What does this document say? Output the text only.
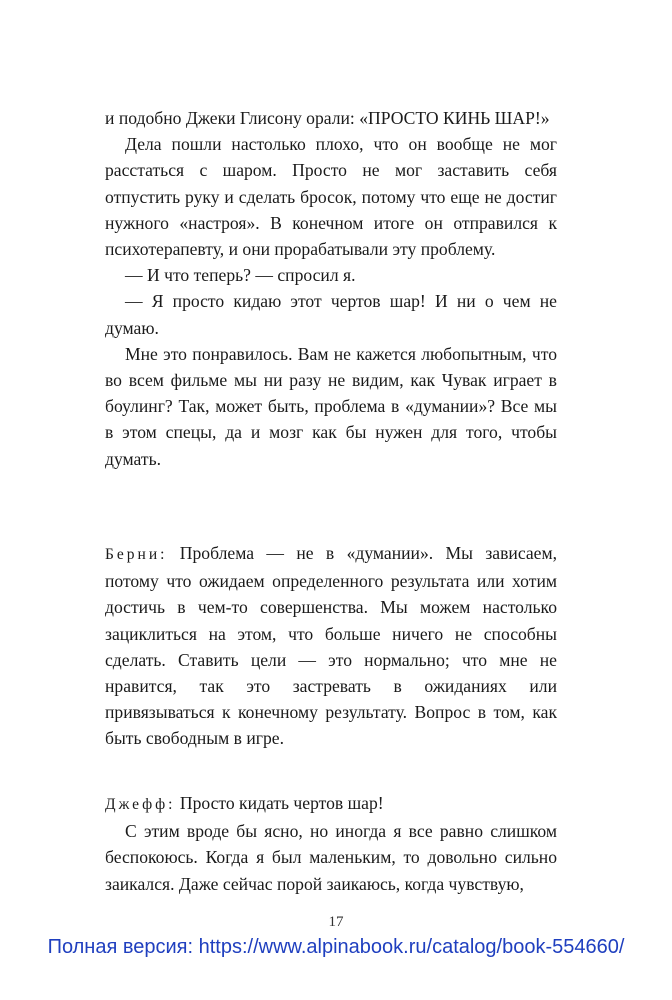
и подобно Джеки Глисону орали: «ПРОСТО КИНЬ ШАР!»

Дела пошли настолько плохо, что он вообще не мог расстаться с шаром. Просто не мог заставить себя отпустить руку и сделать бросок, потому что еще не достиг нужного «настроя». В конечном итоге он отправился к психотерапевту, и они прорабатывали эту проблему.

— И что теперь? — спросил я.

— Я просто кидаю этот чертов шар! И ни о чем не думаю.

Мне это понравилось. Вам не кажется любопытным, что во всем фильме мы ни разу не видим, как Чувак играет в боулинг? Так, может быть, проблема в «думании»? Все мы в этом спецы, да и мозг как бы нужен для того, чтобы думать.

Берни: Проблема — не в «думании». Мы зависаем, потому что ожидаем определенного результата или хотим достичь в чем-то совершенства. Мы можем настолько зациклиться на этом, что больше ничего не способны сделать. Ставить цели — это нормально; что мне не нравится, так это застревать в ожиданиях или привязываться к конечному результату. Вопрос в том, как быть свободным в игре.

Джефф: Просто кидать чертов шар!

С этим вроде бы ясно, но иногда я все равно слишком беспокоюсь. Когда я был маленьким, то довольно сильно заикался. Даже сейчас порой заикаюсь, когда чувствую,

17
Полная версия: https://www.alpinabook.ru/catalog/book-554660/
